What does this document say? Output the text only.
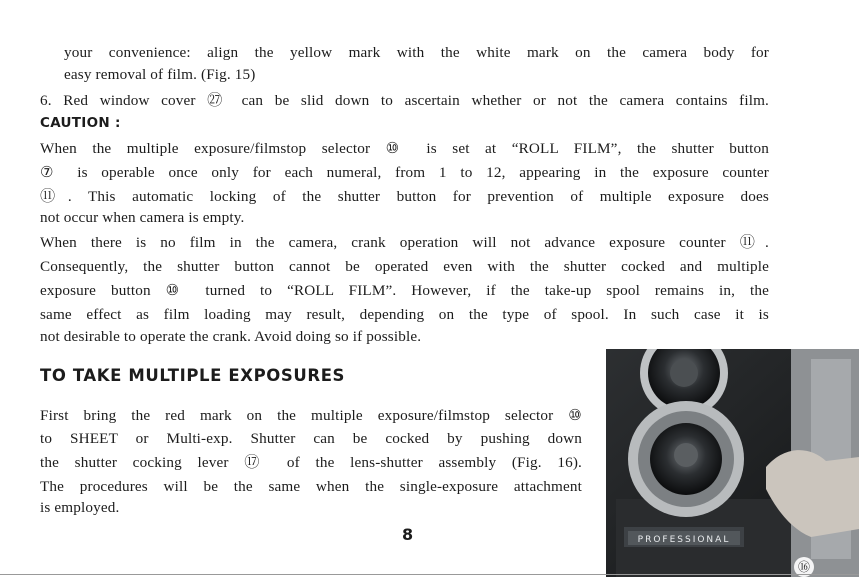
your convenience: align the yellow mark with the white mark on the camera body for
easy removal of film. (Fig. 15)
6. Red window cover ㉗ can be slid down to ascertain whether or not the camera contains film.
CAUTION :
When the multiple exposure/filmstop selector ⑩ is set at “ROLL FILM”, the shutter button
⑦ is operable once only for each numeral, from 1 to 12, appearing in the exposure counter
⑪. This automatic locking of the shutter button for prevention of multiple exposure does
not occur when camera is empty.
When there is no film in the camera, crank operation will not advance exposure counter ⑪.
Consequently, the shutter button cannot be operated even with the shutter cocked and multiple
exposure button ⑩ turned to “ROLL FILM”. However, if the take-up spool remains in, the
same effect as film loading may result, depending on the type of spool. In such case it is
not desirable to operate the crank. Avoid doing so if possible.
TO TAKE MULTIPLE EXPOSURES
First bring the red mark on the multiple exposure/filmstop selector ⑩
to SHEET or Multi-exp. Shutter can be cocked by pushing down
the shutter cocking lever ⑰ of the lens-shutter assembly (Fig. 16).
The procedures will be the same when the single-exposure attachment
is employed.
8	PROFESSIONAL
⑯
